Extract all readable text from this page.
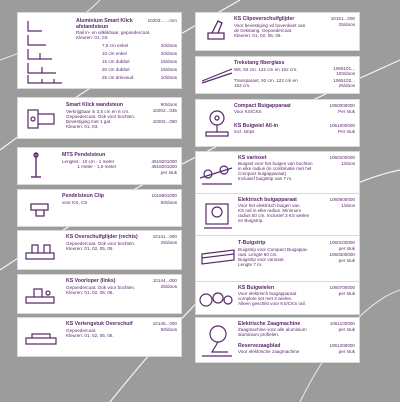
Aluminium Smart Klick afstandsteun
10203... ...mm
Rail in- en uitklikbaar, gepoedercoat.
Kleuren: 01, 03.
7,5 cm enkel	20/doos
10 cm enkel	20/doos
15 cm dubbel	15/doos
20 cm dubbel	15/doos
25 cm drievoud	10/doos
Smart Klick wandsteun
Verkrijgbaar in 3,5 cm en 6 cm.
Gepoedercoat. Ook voor bochten.
Bevestiging met 1 gat.
Kleuren: 01, 03.
90/doos
10202...035
10202...060
MTS Pendelsteun
Lengtes:  10 cm - 1 meter
1 meter - 1,5 meter
4518201000
4518201500
per stuk
Pendelsteun Clip
voor KS, CS
1016901000
50/doos
KS Overschuifglijder (rechts)
Gepoedercoat. Ook voor bochten.
Kleuren: 01, 02, 05, 06.
10141...000
25/doos
KS Voorloper (links)
Gepoedercoat. Ook voor bochten.
Kleuren: 01, 02, 05, 06.
10144...000
25/doos
KS Verlengstuk Overschuif
Gepoedercoat.
Kleuren: 01, 02, 05, 06.
10145...000
50/doos
KS Clipoverschuifglijder
Voor bevestiging vd bovenkant van
de trekstang. Gepoedercoat.
Kleuren: 01, 02, 05, 06.
10151...000
25/doos
Trekstang fiberglass
Wit, 92 cm. 122 cm en 152 cm.
Transparant, 92 cm. 122 cm en
152 cm.
1065101...
100/doos
1065102...
25/doos
Compact Buigapparaat
Voor KS/CKS
1050000000
Per stuk
KS Buigwiel All-in
incl. strips
1051000000
Per stuk
KS varioset
Buigset voor het buigen van bochten
in elke radius (in combinatie met het
Compact buigapparaat).
Inclusief buigstrip van 7 m.
1060200000
1/doos
Elektrisch buigapparaat
Voor het elektrisch buigen van
KS rail in elke radius. Minimum
radius 50 cm. Inclusief 3 KS wielen
en Buigstrip.
1060500000
1/doos
T-Buigstrip
Buigstrip voor Compact Buigappa-
raat. Lengte 60 cm.
Buigstrip voor varioset.
Lengte 7 m.
1060100000
per stuk
1060300000
per stuk
KS Buigwielen
Voor elektrisch buigapparaat
complete set met 3 wielen.
Alleen geschikt voor KS/CKS rail.
1060700000
per stuk
Elektrische Zaagmachine
Zaagmachine voor alle aluminium
aluminium profielen.
1061100000
per stuk
Reservezaagblad
Voor elektrische zaagmachine
1061200000
per stuk
